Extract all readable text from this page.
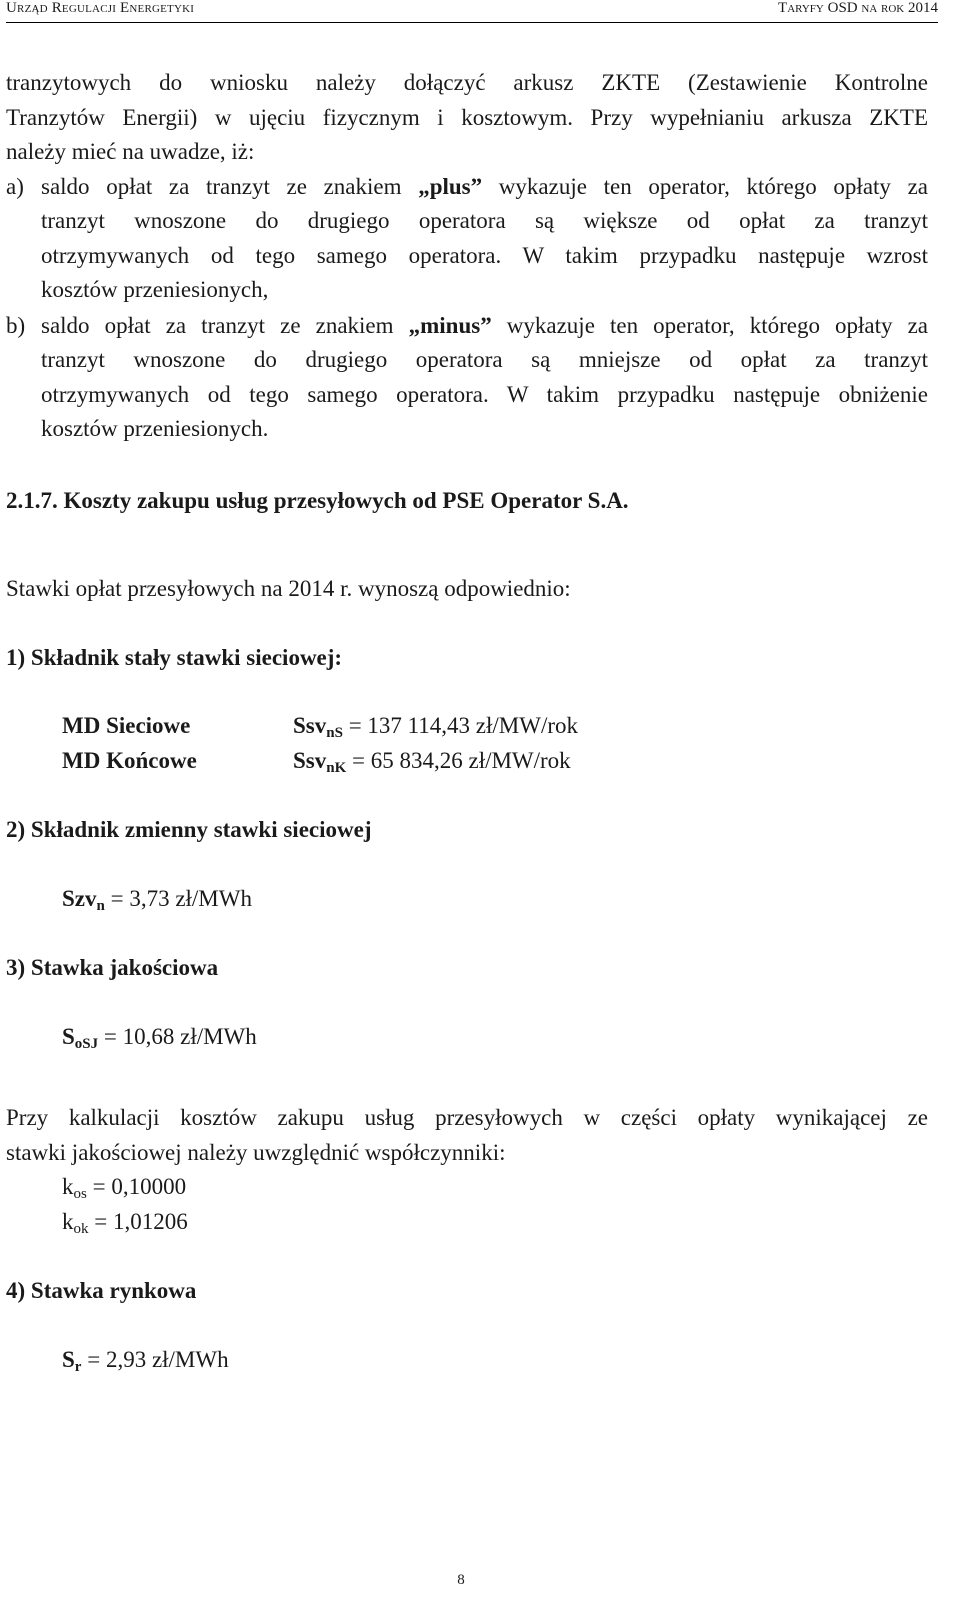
Urząd Regulacji Energetyki	Taryfy OSD na rok 2014
tranzytowych do wniosku należy dołączyć arkusz ZKTE (Zestawienie Kontrolne
Tranzytów Energii) w ujęciu fizycznym i kosztowym. Przy wypełnianiu arkusza ZKTE
należy mieć na uwadze, iż:
a) saldo opłat za tranzyt ze znakiem „plus” wykazuje ten operator, którego opłaty za
tranzyt wnoszone do drugiego operatora są większe od opłat za tranzyt
otrzymywanych od tego samego operatora. W takim przypadku następuje wzrost
kosztów przeniesionych,
b) saldo opłat za tranzyt ze znakiem „minus” wykazuje ten operator, którego opłaty za
tranzyt wnoszone do drugiego operatora są mniejsze od opłat za tranzyt
otrzymywanych od tego samego operatora. W takim przypadku następuje obniżenie
kosztów przeniesionych.
2.1.7. Koszty zakupu usług przesyłowych od PSE Operator S.A.
Stawki opłat przesyłowych na 2014 r. wynoszą odpowiednio:
1) Składnik stały stawki sieciowej:
MD Sieciowe	Ssv$_{nS}$ = 137 114,43 zł/MW/rok
MD Końcowe	Ssv$_{nK}$ = 65 834,26 zł/MW/rok
2) Składnik zmienny stawki sieciowej
Szv$_n$ = 3,73 zł/MWh
3) Stawka jakościowa
$S_{oSJ} = 10,68$ zł/MWh
Przy kalkulacji kosztów zakupu usług przesyłowych w części opłaty wynikającej ze
stawki jakościowej należy uwzględnić współczynniki:
$k_{os} = 0,10000$
$k_{ok} = 1,01206$
4) Stawka rynkowa
$S_r = 2,93$ zł/MWh
8
